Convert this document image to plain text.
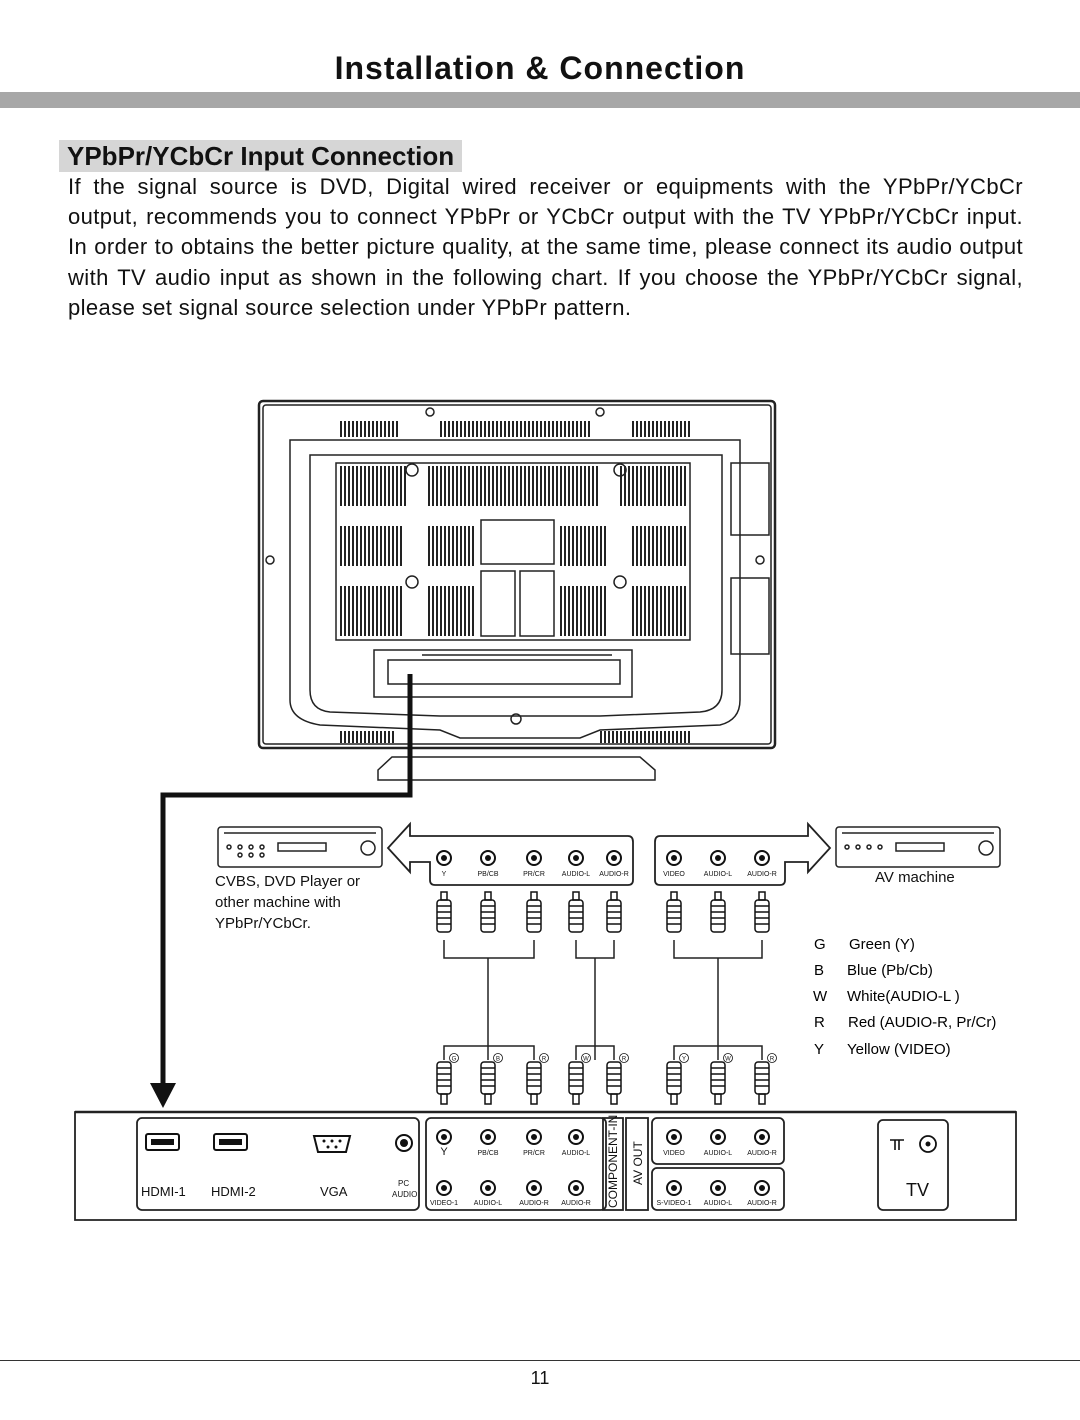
Installation & Connection
YPbPr/YCbCr Input Connection
If the signal source is DVD, Digital wired receiver or equipments with the YPbPr/YCbCr output, recommends you to connect YPbPr or YCbCr output with the TV YPbPr/YCbCr input. In order to obtains the better picture quality, at the same time, please connect its audio output with TV audio input as shown in the following chart. If you choose the YPbPr/YCbCr signal, please set signal source selection under YPbPr pattern.
CVBS, DVD Player or
other machine with
YPbPr/YCbCr.
AV machine
Y	PB/CB	PR/CR AUDIO-L AUDIO-R	VIDEO	AUDIO-L AUDIO-R
G	B	R	W	R	Y	W	R
G Green (Y)
B Blue (Pb/Cb)
W White(AUDIO-L )
R Red (AUDIO-R, Pr/Cr)
Y Yellow (VIDEO)
HDMI-1 HDMI-2	VGA
PC
AUDIO	COMPONENT-IN AV OUT
TV
Y	PB/CB	PR/CR AUDIO-L
VIDEO-1 AUDIO-L AUDIO-R AUDIO-R
VIDEO
S-VIDEO-1
AUDIO-L
AUDIO-L
AUDIO-R
AUDIO-R
11
